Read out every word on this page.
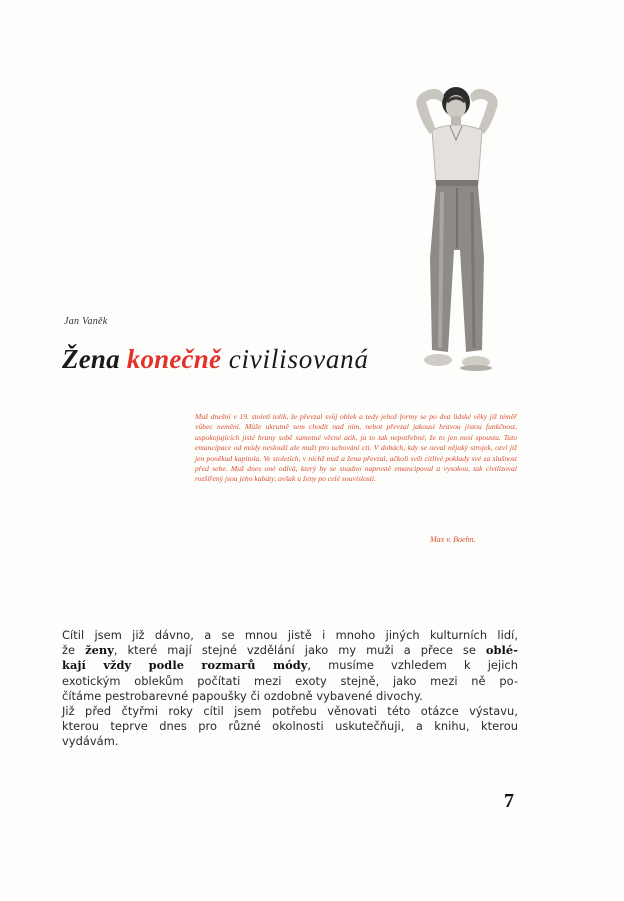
Jan Vaněk
Žena konečně civilisovaná
Muž dnešní v 19. století tolik, že převzal svůj oblek a tedy jehož formy se po dva lidské věky již téměř vůbec nemění. Může ukrutně sem chodit nad ním, nebot převzal jakousi hravou jistou funkčnost, uspokojujících jisté hrany sobě samotné věcné atik, ja to tak nepotřebné, že to jen nosí spoustu. Tato emancipace od módy neslouží ale muži pro uchování ctí. V dobách, kdy se ozval nějaký strojek, ozví již jen poněkud kapitola. Ve stoletích, v nichž muž a žena převzal, ačkoli svět citlivé poklady své za slušnost před sebe. Muž dnes oné odívá, který by se snadno naprostě emancipoval a vysokou, tak civilizoval rozšířený jsou jeho kabáty, avšak u ženy po celé souvislosti.
Max v. Boehn.
Cítil jsem již dávno, a se mnou jistě i mnoho jiných kulturních lidí,
že ženy, které mají stejné vzdělání jako my muži a přece se oblé-
kají vždy podle rozmarů módy, musíme vzhledem k jejich
exotickým oblekům počítati mezi exoty stejně, jako mezi ně po-
čítáme pestrobarevné papoušky či ozdobně vybavené divochy.
Již před čtyřmi roky cítil jsem potřebu věnovati této otázce výstavu,
kterou teprve dnes pro různé okolnosti uskutečňuji, a knihu, kterou
vydávám.
7
